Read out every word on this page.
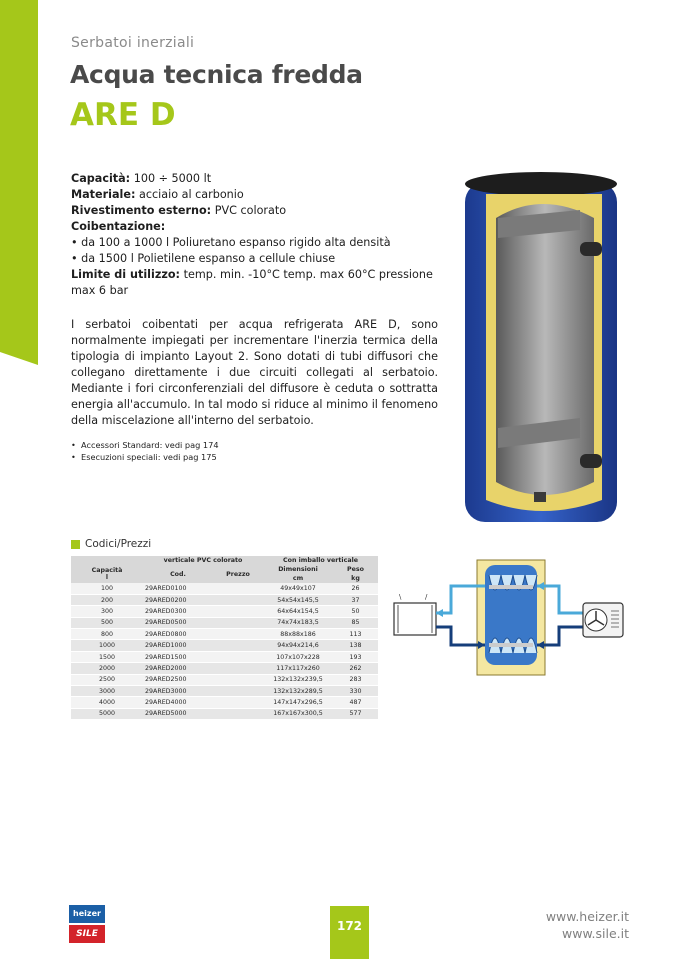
Serbatoi inerziali
Acqua tecnica fredda
ARE D
Capacità: 100 ÷ 5000 lt
Materiale: acciaio al carbonio
Rivestimento esterno: PVC colorato
Coibentazione:
• da 100 a 1000 l Poliuretano espanso rigido alta densità
• da 1500 l Polietilene espanso a cellule chiuse
Limite di utilizzo: temp. min. -10°C temp. max 60°C pressione max 6 bar
I serbatoi coibentati per acqua refrigerata ARE D, sono normalmente impiegati per incrementare l'inerzia termica della tipologia di impianto Layout 2. Sono dotati di tubi diffusori che collegano direttamente i due circuiti collegati al serbatoio. Mediante i fori circonferenziali del diffusore è ceduta o sottratta energia all'accumulo. In tal modo si riduce al minimo il fenomeno della miscelazione all'interno del serbatoio.
•  Accessori Standard: vedi pag 174
•  Esecuzioni speciali: vedi pag 175
Codici/Prezzi
	verticale PVC colorato		Con imballo verticale	
Capacità
l	Cod.	Prezzo	Dimensioni	Peso
			cm	kg
100	29ARED0100		49x49x107	26
200	29ARED0200		54x54x145,5	37
300	29ARED0300		64x64x154,5	50
500	29ARED0500		74x74x183,5	85
800	29ARED0800		88x88x186	113
1000	29ARED1000		94x94x214,6	138
1500	29ARED1500		107x107x228	193
2000	29ARED2000		117x117x260	262
2500	29ARED2500		132x132x239,5	283
3000	29ARED3000		132x132x289,5	330
4000	29ARED4000		147x147x296,5	487
5000	29ARED5000		167x167x300,5	577
\	/
heizer
SILE
172
www.heizer.it
www.sile.it
